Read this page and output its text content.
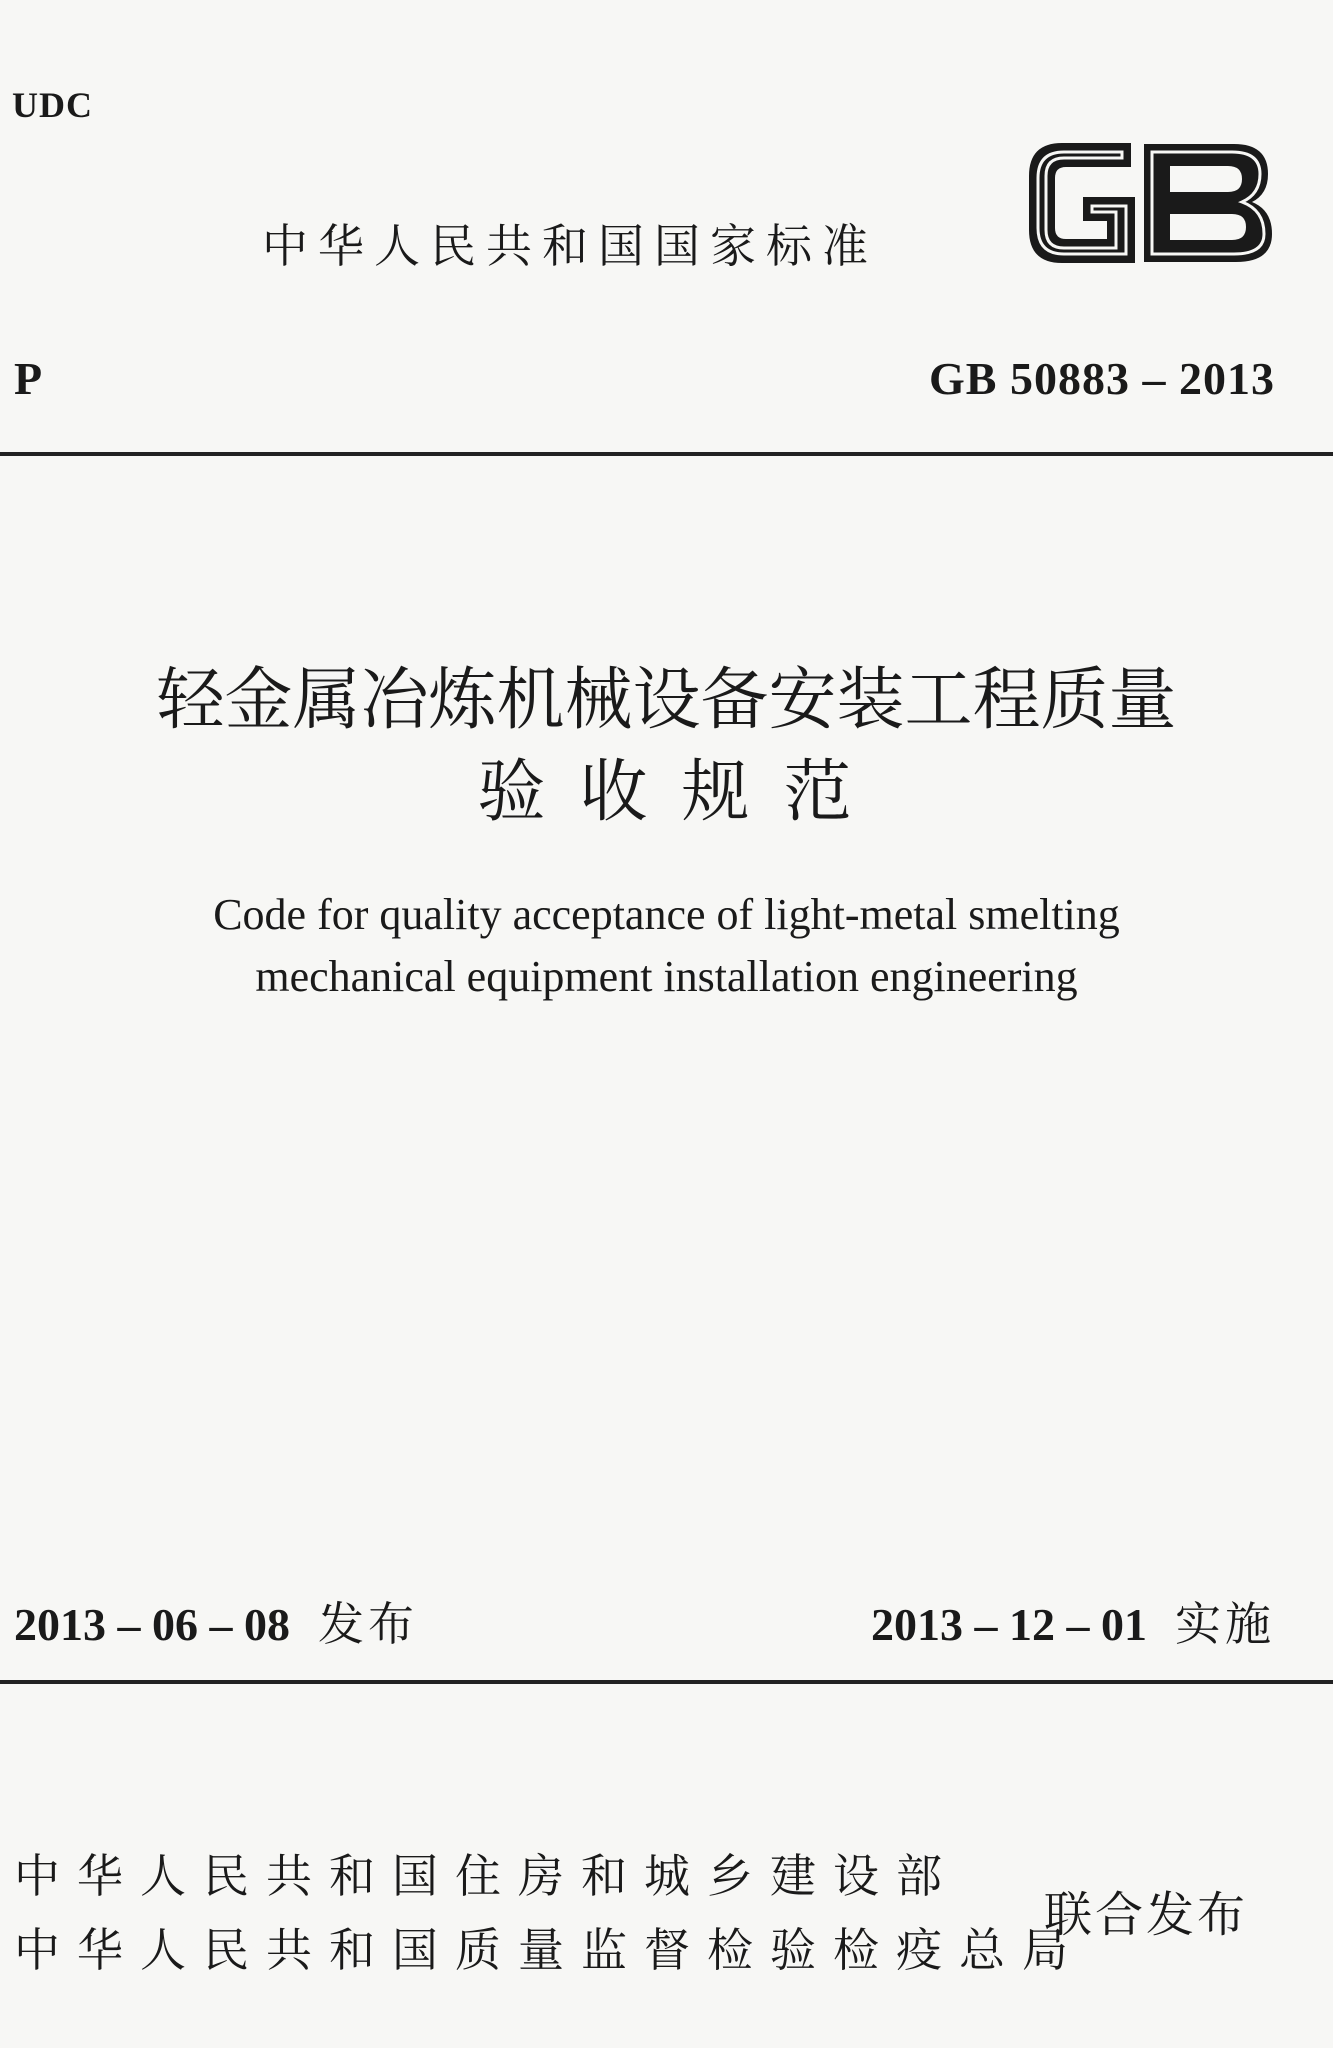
UDC
中华人民共和国国家标准
P	GB 50883 – 2013
轻金属冶炼机械设备安装工程质量
验收规范
Code for quality acceptance of light-metal smelting
mechanical equipment installation engineering
2013 – 06 – 08 发布	2013 – 12 – 01 实施
中华人民共和国住房和城乡建设部
中华人民共和国质量监督检验检疫总局
联合发布
